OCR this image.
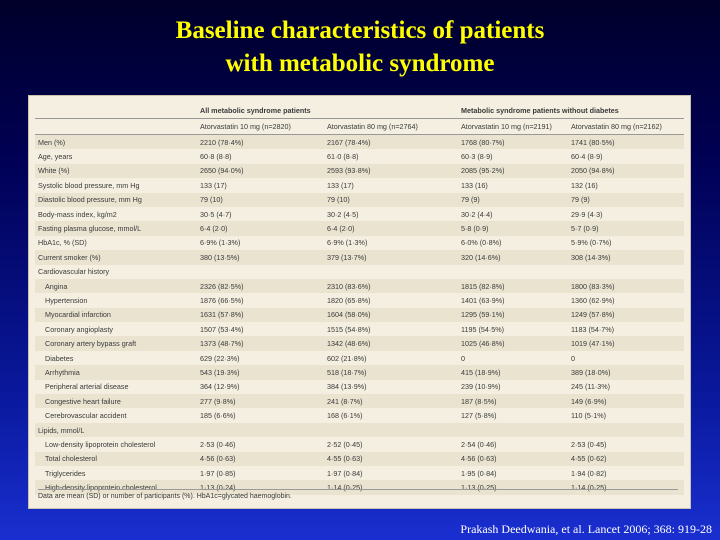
Baseline characteristics of patients
with metabolic syndrome
	All metabolic syndrome patients		Metabolic syndrome patients without diabetes	
	Atorvastatin 10 mg (n=2820)	Atorvastatin 80 mg (n=2764)	Atorvastatin 10 mg (n=2191)	Atorvastatin 80 mg (n=2162)
Men (%)	2210 (78·4%)	2167 (78·4%)	1768 (80·7%)	1741 (80·5%)
Age, years	60·8 (8·8)	61·0 (8·8)	60·3 (8·9)	60·4 (8·9)
White (%)	2650 (94·0%)	2593 (93·8%)	2085 (95·2%)	2050 (94·8%)
Systolic blood pressure, mm Hg	133 (17)	133 (17)	133 (16)	132 (16)
Diastolic blood pressure, mm Hg	79 (10)	79 (10)	79 (9)	79 (9)
Body-mass index, kg/m2	30·5 (4·7)	30·2 (4·5)	30·2 (4·4)	29·9 (4·3)
Fasting plasma glucose, mmol/L	6·4 (2·0)	6·4 (2·0)	5·8 (0·9)	5·7 (0·9)
HbA1c, % (SD)	6·9% (1·3%)	6·9% (1·3%)	6·0% (0·8%)	5·9% (0·7%)
Current smoker (%)	380 (13·5%)	379 (13·7%)	320 (14·6%)	308 (14·3%)
Cardiovascular history				
Angina	2326 (82·5%)	2310 (83·6%)	1815 (82·8%)	1800 (83·3%)
Hypertension	1876 (66·5%)	1820 (65·8%)	1401 (63·9%)	1360 (62·9%)
Myocardial infarction	1631 (57·8%)	1604 (58·0%)	1295 (59·1%)	1249 (57·8%)
Coronary angioplasty	1507 (53·4%)	1515 (54·8%)	1195 (54·5%)	1183 (54·7%)
Coronary artery bypass graft	1373 (48·7%)	1342 (48·6%)	1025 (46·8%)	1019 (47·1%)
Diabetes	629 (22·3%)	602 (21·8%)	0	0
Arrhythmia	543 (19·3%)	518 (18·7%)	415 (18·9%)	389 (18·0%)
Peripheral arterial disease	364 (12·9%)	384 (13·9%)	239 (10·9%)	245 (11·3%)
Congestive heart failure	277 (9·8%)	241 (8·7%)	187 (8·5%)	149 (6·9%)
Cerebrovascular accident	185 (6·6%)	168 (6·1%)	127 (5·8%)	110 (5·1%)
Lipids, mmol/L				
Low-density lipoprotein cholesterol	2·53 (0·46)	2·52 (0·45)	2·54 (0·46)	2·53 (0·45)
Total cholesterol	4·56 (0·63)	4·55 (0·63)	4·56 (0·63)	4·55 (0·62)
Triglycerides	1·97 (0·85)	1·97 (0·84)	1·95 (0·84)	1·94 (0·82)
High-density lipoprotein cholesterol	1·13 (0·24)	1·14 (0·25)	1·13 (0·25)	1·14 (0·25)
Data are mean (SD) or number of participants (%). HbA1c=glycated haemoglobin.
Prakash Deedwania, et al. Lancet 2006; 368: 919-28
